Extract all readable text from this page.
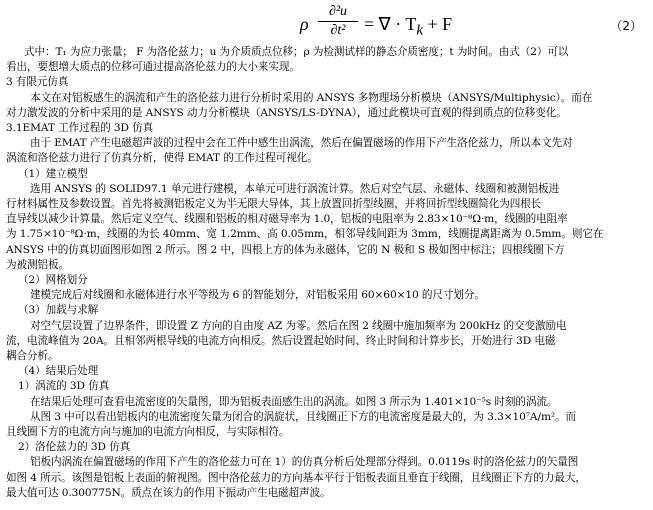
ρ
∂²u
∂t²	= ∇ · $T_k + F$	（2）
式中：T₁ 为应力张量； F 为洛伦兹力；u 为介质质点位移；ρ 为检测试样的静态介质密度；t 为时间。由式（2）可以
看出，要想增大质点的位移可通过提高洛伦兹力的大小来实现。
3 有限元仿真
本文在对铝板感生的涡流和产生的洛伦兹力进行分析时采用的 ANSYS 多物理场分析模块（ANSYS/Multiphysic）。而在
对力激发波的分析中采用的是 ANSYS 动力分析模块（ANSYS/LS-DYNA），通过此模块可直观的得到质点的位移变化。
3.1EMAT 工作过程的 3D 仿真
由于 EMAT 产生电磁超声波的过程中会在工件中感生出涡流，然后在偏置磁场的作用下产生洛伦兹力，所以本文先对
涡流和洛伦兹力进行了仿真分析，使得 EMAT 的工作过程可视化。
（1）建立模型
选用 ANSYS 的 SOLID97.1 单元进行建模，本单元可进行涡流计算。然后对空气层、永磁体、线圈和被测铝板进
行材料属性及参数设置。首先将被测铝板定义为半无限大导体，其上放置回折型线圈，并将回折型线圈简化为四根长
直导线以减少计算量。然后定义空气、线圈和铝板的相对磁导率为 1.0，铝板的电阻率为 2.83×10⁻⁸Ω·m，线圈的电阻率
为 1.75×10⁻⁸Ω·m，线圈的为长 40mm、宽 1.2mm、高 0.05mm，相邻导线间距为 3mm，线圈提离距离为 0.5mm。则它在
ANSYS 中的仿真切面图形如图 2 所示。图 2 中，四根上方的体为永磁体，它的 N 极和 S 极如图中标注；四根线圈下方
为被测铝板。
（2）网格划分
建模完成后对线圈和永磁体进行水平等级为 6 的智能划分，对铝板采用 60×60×10 的尺寸划分。
（3）加载与求解
对空气层设置了边界条件，即设置 Z 方向的自由度 AZ 为零。然后在图 2 线圈中施加频率为 200kHz 的交变激励电
流，电流峰值为 20A。且相邻两根导线的电流方向相反。然后设置起始时间、终止时间和计算步长，开始进行 3D 电磁
耦合分析。
（4）结果后处理
1）涡流的 3D 仿真
在结果后处理可查看电流密度的矢量图，即为铝板表面感生出的涡流。如图 3 所示为 1.401×10⁻⁵s 时刻的涡流。
从图 3 中可以看出铝板内的电流密度矢量为闭合的涡旋状，且线圈正下方的电流密度是最大的，为 3.3×10⁷A/m²。而
且线圈下方的电流方向与施加的电流方向相反，与实际相符。
2）洛伦兹力的 3D 仿真
铝板内涡流在偏置磁场的作用下产生的洛伦兹力可在 1）的仿真分析后处理部分得到。0.0119s 时的洛伦兹力的矢量图
如图 4 所示。该图是铝板上表面的俯视图。图中洛伦兹力的方向基本平行于铝板表面且垂直于线圈，且线圈正下方的力最大，
最大值可达 0.300775N。质点在该力的作用下振动产生电磁超声波。
